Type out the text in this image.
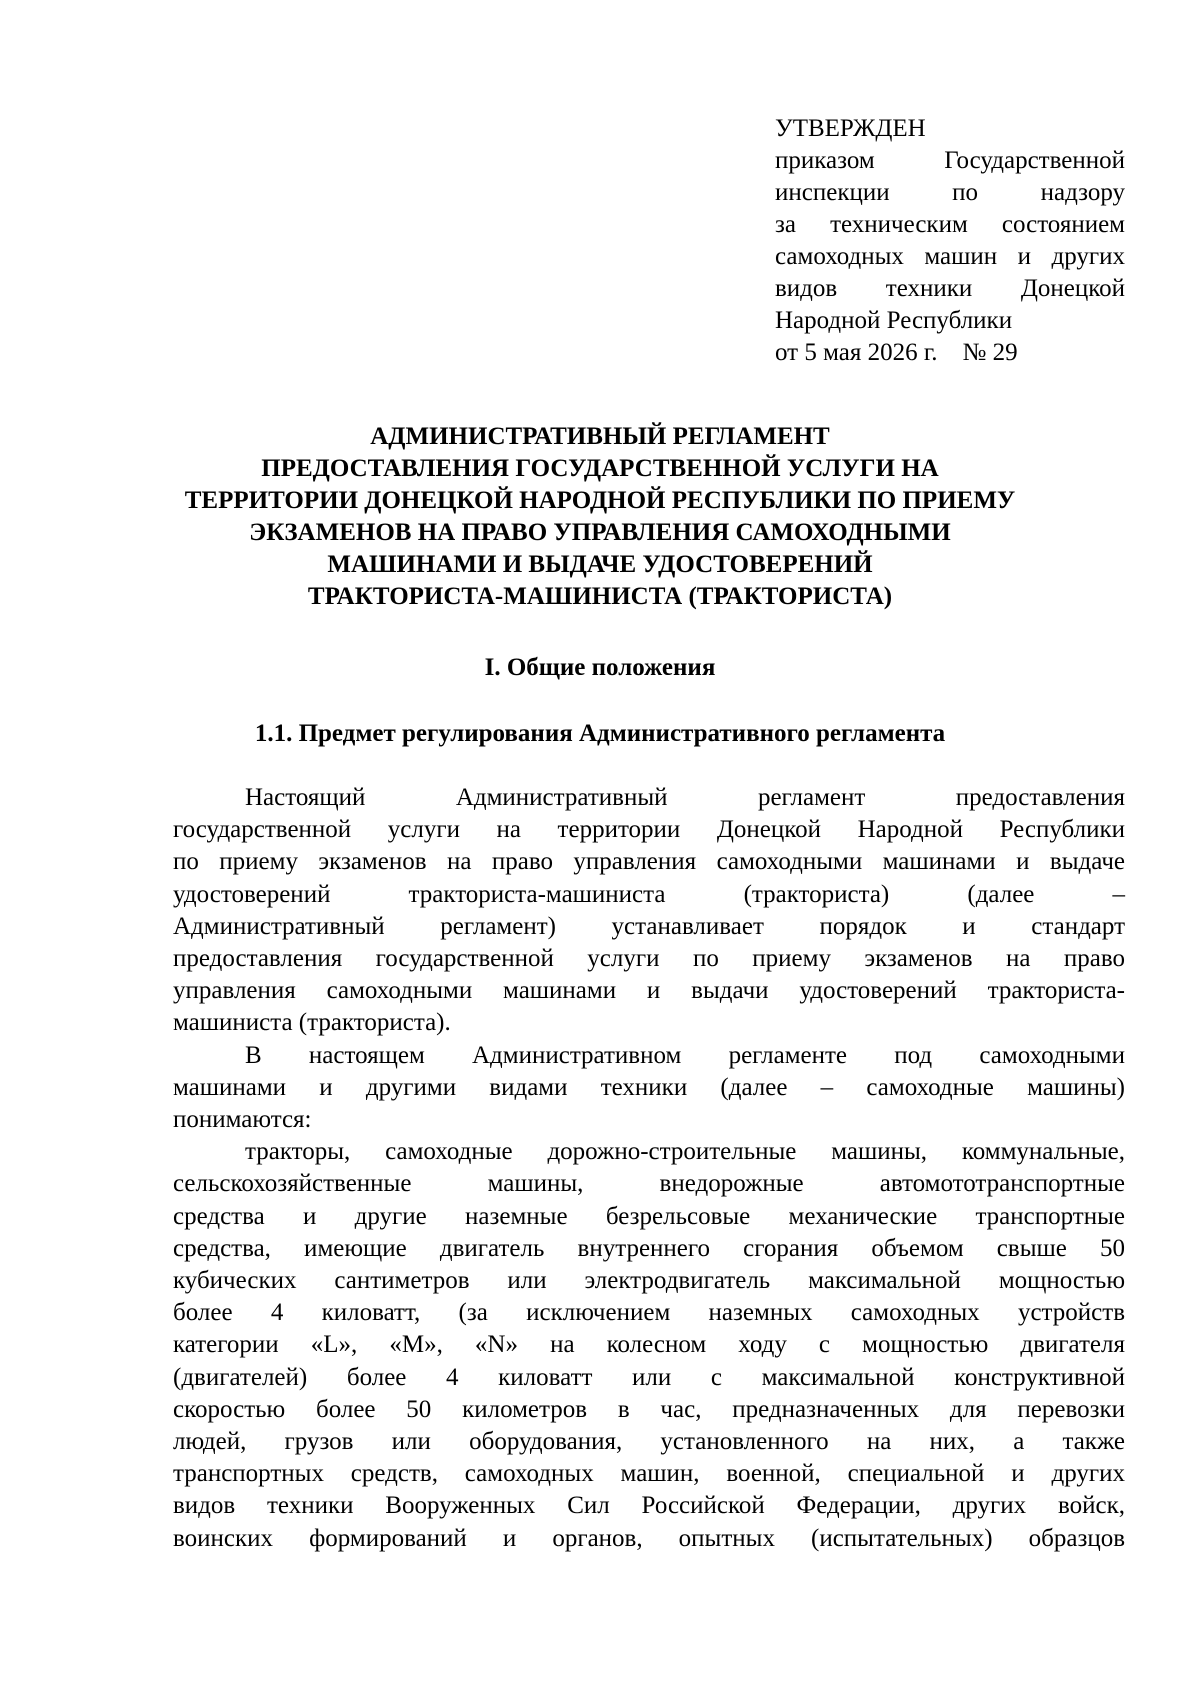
УТВЕРЖДЕН
приказом Государственной
инспекции по надзору
за техническим состоянием
самоходных машин и других
видов техники Донецкой
Народной Республики
от 5 мая 2026 г. № 29
АДМИНИСТРАТИВНЫЙ РЕГЛАМЕНТ
ПРЕДОСТАВЛЕНИЯ ГОСУДАРСТВЕННОЙ УСЛУГИ НА
ТЕРРИТОРИИ ДОНЕЦКОЙ НАРОДНОЙ РЕСПУБЛИКИ ПО ПРИЕМУ
ЭКЗАМЕНОВ НА ПРАВО УПРАВЛЕНИЯ САМОХОДНЫМИ
МАШИНАМИ И ВЫДАЧЕ УДОСТОВЕРЕНИЙ
ТРАКТОРИСТА-МАШИНИСТА (ТРАКТОРИСТА)
I. Общие положения
1.1. Предмет регулирования Административного регламента
Настоящий Административный регламент предоставления
государственной услуги на территории Донецкой Народной Республики
по приему экзаменов на право управления самоходными машинами и выдаче
удостоверений тракториста-машиниста (тракториста) (далее –
Административный регламент) устанавливает порядок и стандарт
предоставления государственной услуги по приему экзаменов на право
управления самоходными машинами и выдачи удостоверений тракториста-
машиниста (тракториста).
В настоящем Административном регламенте под самоходными
машинами и другими видами техники (далее – самоходные машины)
понимаются:
тракторы, самоходные дорожно-строительные машины, коммунальные,
сельскохозяйственные машины, внедорожные автомототранспортные
средства и другие наземные безрельсовые механические транспортные
средства, имеющие двигатель внутреннего сгорания объемом свыше 50
кубических сантиметров или электродвигатель максимальной мощностью
более 4 киловатт, (за исключением наземных самоходных устройств
категории «L», «M», «N» на колесном ходу с мощностью двигателя
(двигателей) более 4 киловатт или с максимальной конструктивной
скоростью более 50 километров в час, предназначенных для перевозки
людей, грузов или оборудования, установленного на них, а также
транспортных средств, самоходных машин, военной, специальной и других
видов техники Вооруженных Сил Российской Федерации, других войск,
воинских формирований и органов, опытных (испытательных) образцов
